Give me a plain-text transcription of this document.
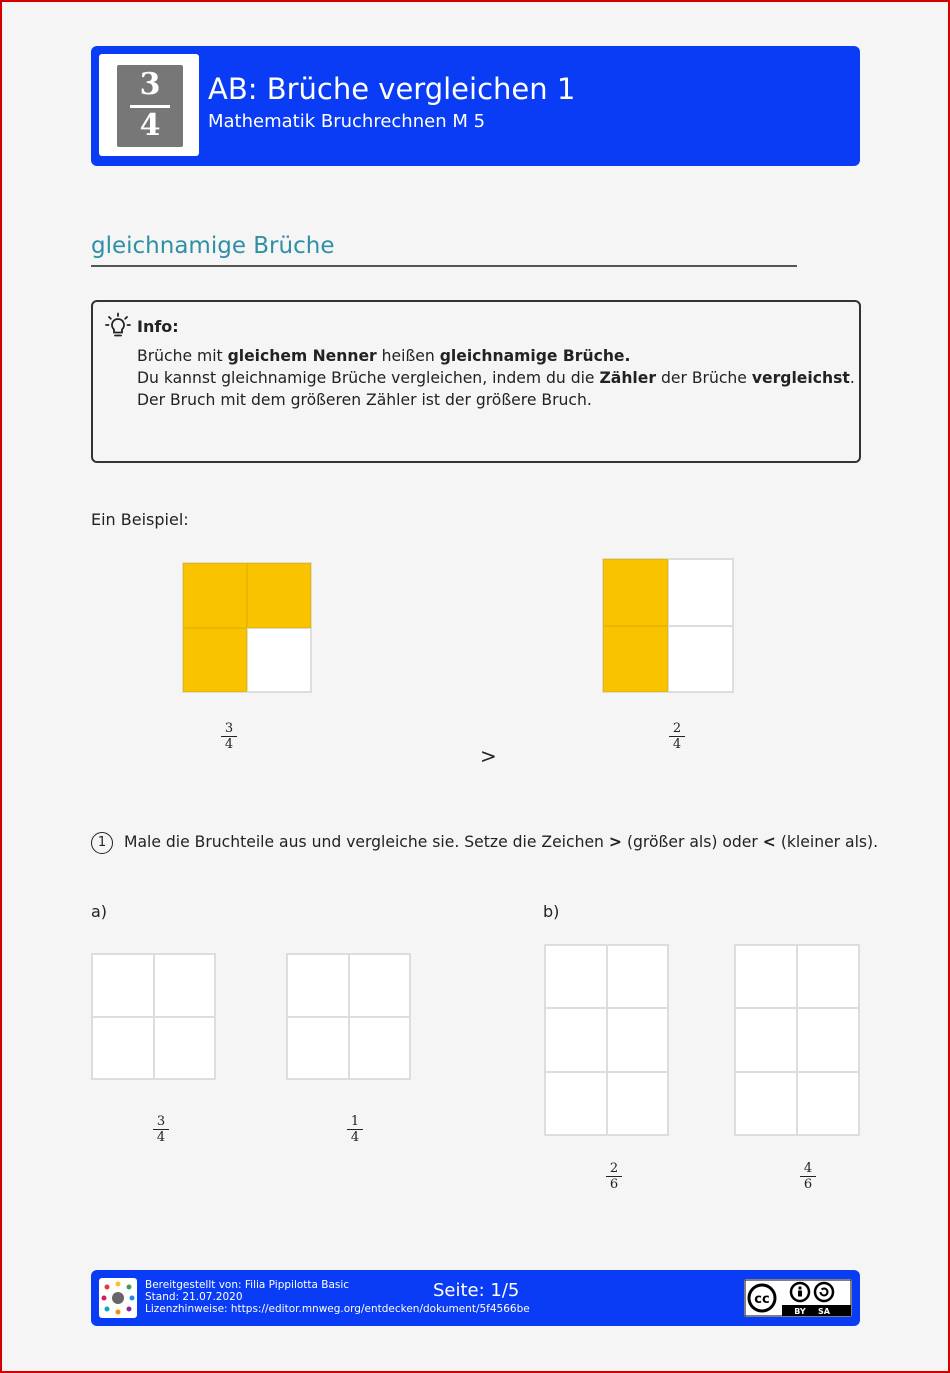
3
4
AB: Brüche vergleichen 1
Mathematik Bruchrechnen M 5
gleichnamige Brüche
Info:
Brüche mit gleichem Nenner heißen gleichnamige Brüche.
Du kannst gleichnamige Brüche vergleichen, indem du die Zähler der Brüche vergleichst.
Der Bruch mit dem größeren Zähler ist der größere Bruch.
Ein Beispiel:
3
4	>
2
4
1	Male die Bruchteile aus und vergleiche sie. Setze die Zeichen > (größer als) oder < (kleiner als).
a)	b)
3
4
1
4
2
6
4
6
Bereitgestellt von: Filia Pippilotta Basic
Stand: 21.07.2020
Lizenzhinweise: https://editor.mnweg.org/entdecken/dokument/5f4566be
Seite: 1/5	cc
BY SA
